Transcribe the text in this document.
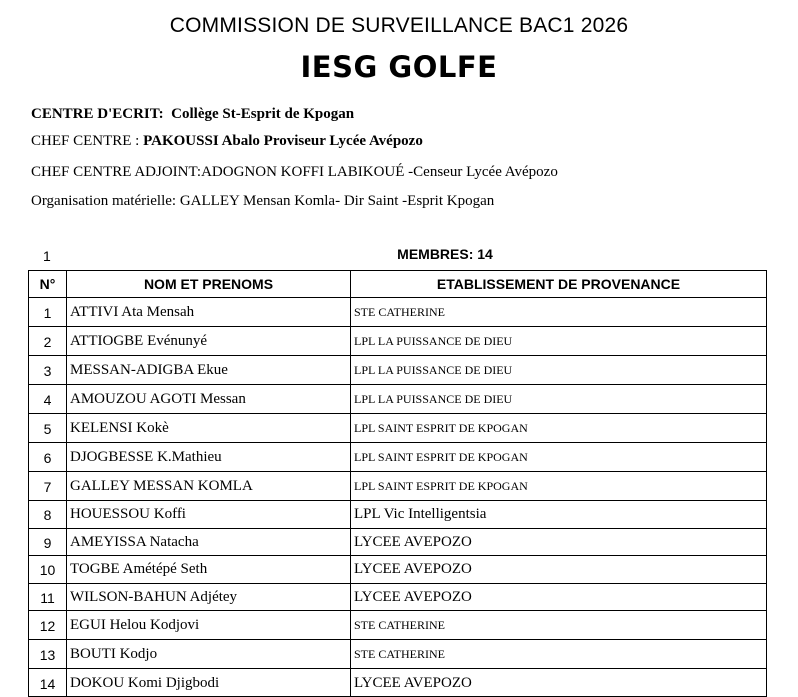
COMMISSION DE SURVEILLANCE BAC1 2026
IESG GOLFE
CENTRE D'ECRIT: Collège St-Esprit de Kpogan
CHEF CENTRE : PAKOUSSI Abalo Proviseur Lycée Avépozo
CHEF CENTRE ADJOINT:ADOGNON KOFFI LABIKOUÉ -Censeur Lycée Avépozo
Organisation matérielle: GALLEY Mensan Komla- Dir Saint -Esprit Kpogan
1	MEMBRES: 14
N°	NOM ET PRENOMS	ETABLISSEMENT DE PROVENANCE
1	ATTIVI Ata Mensah	STE CATHERINE
2	ATTIOGBE Evénunyé	LPL LA PUISSANCE DE DIEU
3	MESSAN-ADIGBA Ekue	LPL LA PUISSANCE DE DIEU
4	AMOUZOU AGOTI Messan	LPL LA PUISSANCE DE DIEU
5	KELENSI Kokè	LPL SAINT ESPRIT DE KPOGAN
6	DJOGBESSE K.Mathieu	LPL SAINT ESPRIT DE KPOGAN
7	GALLEY MESSAN KOMLA	LPL SAINT ESPRIT DE KPOGAN
8	HOUESSOU Koffi	LPL Vic Intelligentsia
9	AMEYISSA Natacha	LYCEE AVEPOZO
10	TOGBE Amétépé Seth	LYCEE AVEPOZO
11	WILSON-BAHUN Adjétey	LYCEE AVEPOZO
12	EGUI Helou Kodjovi	STE CATHERINE
13	BOUTI Kodjo	STE CATHERINE
14	DOKOU Komi Djigbodi	LYCEE AVEPOZO
